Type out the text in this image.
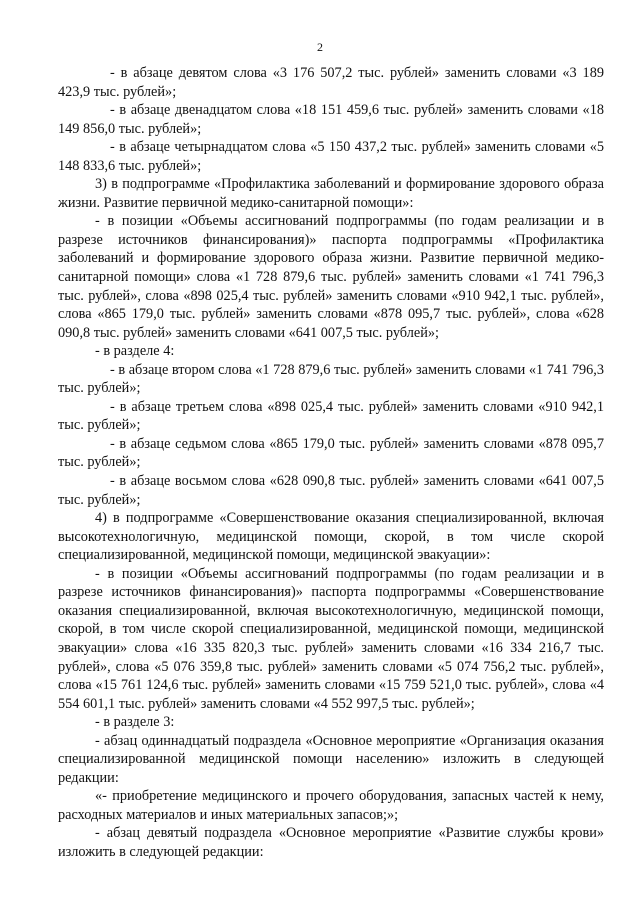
2

- в абзаце девятом слова «3 176 507,2 тыс. рублей» заменить словами «3 189 423,9 тыс. рублей»;

- в абзаце двенадцатом слова «18 151 459,6 тыс. рублей» заменить словами «18 149 856,0 тыс. рублей»;

- в абзаце четырнадцатом слова «5 150 437,2 тыс. рублей» заменить словами «5 148 833,6 тыс. рублей»;

3) в подпрограмме «Профилактика заболеваний и формирование здорового образа жизни. Развитие первичной медико-санитарной помощи»:

- в позиции «Объемы ассигнований подпрограммы (по годам реализации и в разрезе источников финансирования)» паспорта подпрограммы «Профилактика заболеваний и формирование здорового образа жизни. Развитие первичной медико-санитарной помощи» слова «1 728 879,6 тыс. рублей» заменить словами «1 741 796,3 тыс. рублей», слова «898 025,4 тыс. рублей» заменить словами «910 942,1 тыс. рублей», слова «865 179,0 тыс. рублей» заменить словами «878 095,7 тыс. рублей», слова «628 090,8 тыс. рублей» заменить словами «641 007,5 тыс. рублей»;

- в разделе 4:

- в абзаце втором слова «1 728 879,6 тыс. рублей» заменить словами «1 741 796,3 тыс. рублей»;

- в абзаце третьем слова «898 025,4 тыс. рублей» заменить словами «910 942,1 тыс. рублей»;

- в абзаце седьмом слова «865 179,0 тыс. рублей» заменить словами «878 095,7 тыс. рублей»;

- в абзаце восьмом слова «628 090,8 тыс. рублей» заменить словами «641 007,5 тыс. рублей»;

4) в подпрограмме «Совершенствование оказания специализированной, включая высокотехнологичную, медицинской помощи, скорой, в том числе скорой специализированной, медицинской помощи, медицинской эвакуации»:

- в позиции «Объемы ассигнований подпрограммы (по годам реализации и в разрезе источников финансирования)» паспорта подпрограммы «Совершенствование оказания специализированной, включая высокотехнологичную, медицинской помощи, скорой, в том числе скорой специализированной, медицинской помощи, медицинской эвакуации» слова «16 335 820,3 тыс. рублей» заменить словами «16 334 216,7 тыс. рублей», слова «5 076 359,8 тыс. рублей» заменить словами «5 074 756,2 тыс. рублей», слова «15 761 124,6 тыс. рублей» заменить словами «15 759 521,0 тыс. рублей», слова «4 554 601,1 тыс. рублей» заменить словами «4 552 997,5 тыс. рублей»;

- в разделе 3:

- абзац одиннадцатый подраздела «Основное мероприятие «Организация оказания специализированной медицинской помощи населению» изложить в следующей редакции:

«- приобретение медицинского и прочего оборудования, запасных частей к нему, расходных материалов и иных материальных запасов;»;

- абзац девятый подраздела «Основное мероприятие «Развитие службы крови» изложить в следующей редакции:
